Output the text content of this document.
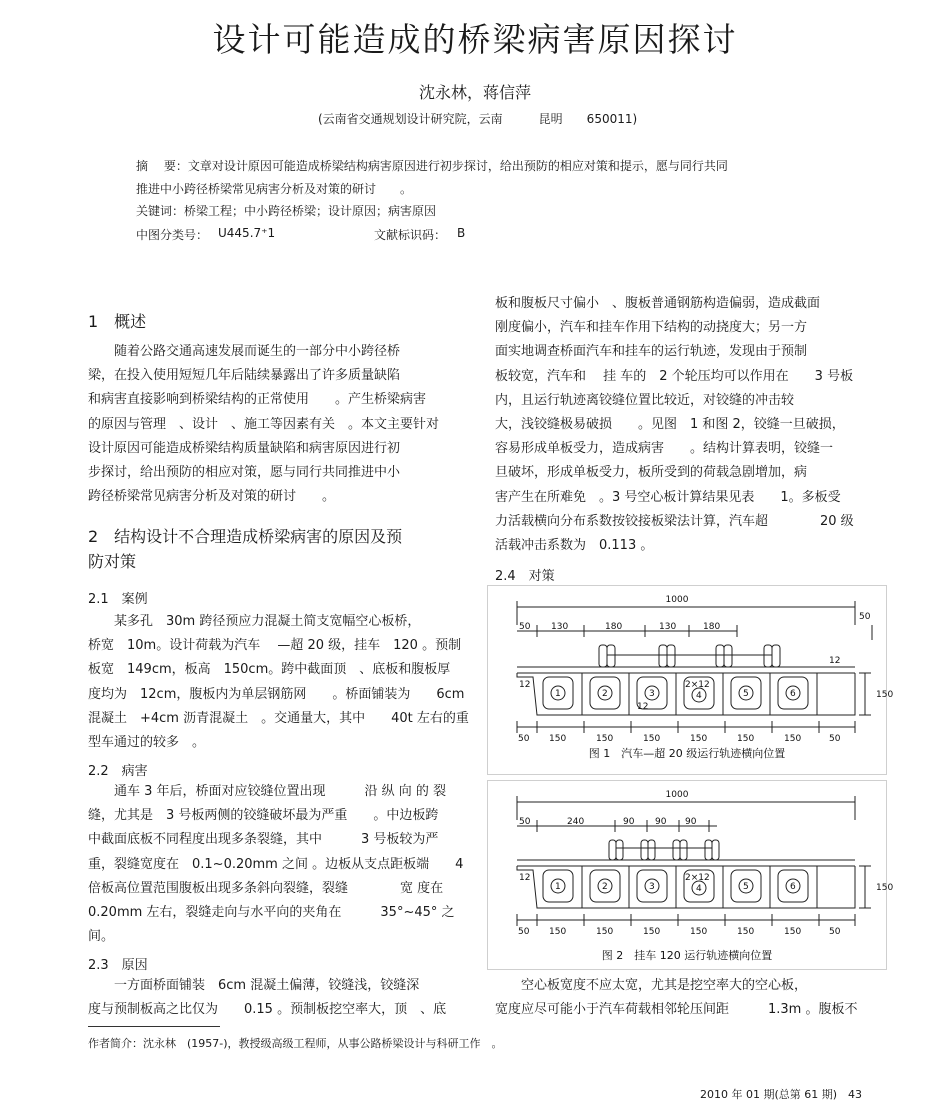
设计可能造成的桥梁病害原因探讨
沈永林，蒋信萍
(云南省交通规划设计研究院，云南　　　昆明　　650011)
摘　 要：文章对设计原因可能造成桥梁结构病害原因进行初步探讨，给出预防的相应对策和提示，愿与同行共同
推进中小跨径桥梁常见病害分析及对策的研讨　　。
关键词：桥梁工程；中小跨径桥梁；设计原因；病害原因
中图分类号： U445.7⁺1	文献标识码： B
1　概述
　　随着公路交通高速发展而诞生的一部分中小跨径桥
梁，在投入使用短短几年后陆续暴露出了许多质量缺陷
和病害直接影响到桥梁结构的正常使用　　。产生桥梁病害
的原因与管理　、设计　、施工等因素有关　。本文主要针对
设计原因可能造成桥梁结构质量缺陷和病害原因进行初
步探讨，给出预防的相应对策，愿与同行共同推进中小
跨径桥梁常见病害分析及对策的研讨　　。
2　结构设计不合理造成桥梁病害的原因及预
防对策
2.1　案例
　　某多孔　30m 跨径预应力混凝土简支宽幅空心板桥，
桥宽　10m。设计荷载为汽车　 —超 20 级，挂车　120 。预制
板宽　149cm，板高　150cm。跨中截面顶　、底板和腹板厚
度均为　12cm，腹板内为单层钢筋网　　。桥面铺装为　　6cm
混凝土　+4cm 沥青混凝土　。交通量大，其中　　40t 左右的重
型车通过的较多　。
2.2　病害
　　通车 3 年后，桥面对应铰缝位置出现　　　沿 纵 向 的 裂
缝，尤其是　3 号板两侧的铰缝破坏最为严重　　。中边板跨
中截面底板不同程度出现多条裂缝，其中　　　3 号板较为严
重，裂缝宽度在　0.1~0.20mm 之间 。边板从支点距板端　　4
倍板高位置范围腹板出现多条斜向裂缝，裂缝　　　　宽 度在
0.20mm 左右，裂缝走向与水平向的夹角在　　　35°~45° 之
间。
2.3　原因
　　一方面桥面铺装　6cm 混凝土偏薄，铰缝浅，铰缝深
度与预制板高之比仅为　　0.15 。预制板挖空率大，顶　、底
板和腹板尺寸偏小　、腹板普通钢筋构造偏弱，造成截面
刚度偏小，汽车和挂车作用下结构的动挠度大；另一方
面实地调查桥面汽车和挂车的运行轨迹，发现由于预制
板较宽，汽车和　 挂 车的　2 个轮压均可以作用在　　3 号板
内，且运行轨迹离铰缝位置比较近，对铰缝的冲击较
大，浅铰缝极易破损　　。见图　1 和图 2，铰缝一旦破损，
容易形成单板受力，造成病害　　。结构计算表明，铰缝一
旦破坏，形成单板受力，板所受到的荷载急剧增加，病
害产生在所难免　。3 号空心板计算结果见表　　1。多板受
力活载横向分布系数按铰接板梁法计算，汽车超　　　　20 级
活载冲击系数为　0.113 。
2.4　对策
1000
50 130	180	130	180
50
12
12
12
2×12
1	2	3	4	5	6	150
50 150	150	150	150	150	150	50
图 1　汽车—超 20 级运行轨迹横向位置
1000
50	240	90 90 90
12	2×12
1	2	3	4	5	6	150
50 150	150	150	150	150	150	50
图 2　挂车 120 运行轨迹横向位置
　　空心板宽度不应太宽，尤其是挖空率大的空心板，
宽度应尽可能小于汽车荷载相邻轮压间距　　　1.3m 。腹板不
作者简介：沈永林　(1957-)，教授级高级工程师，从事公路桥梁设计与科研工作　。
2010 年 01 期(总第 61 期)　43
